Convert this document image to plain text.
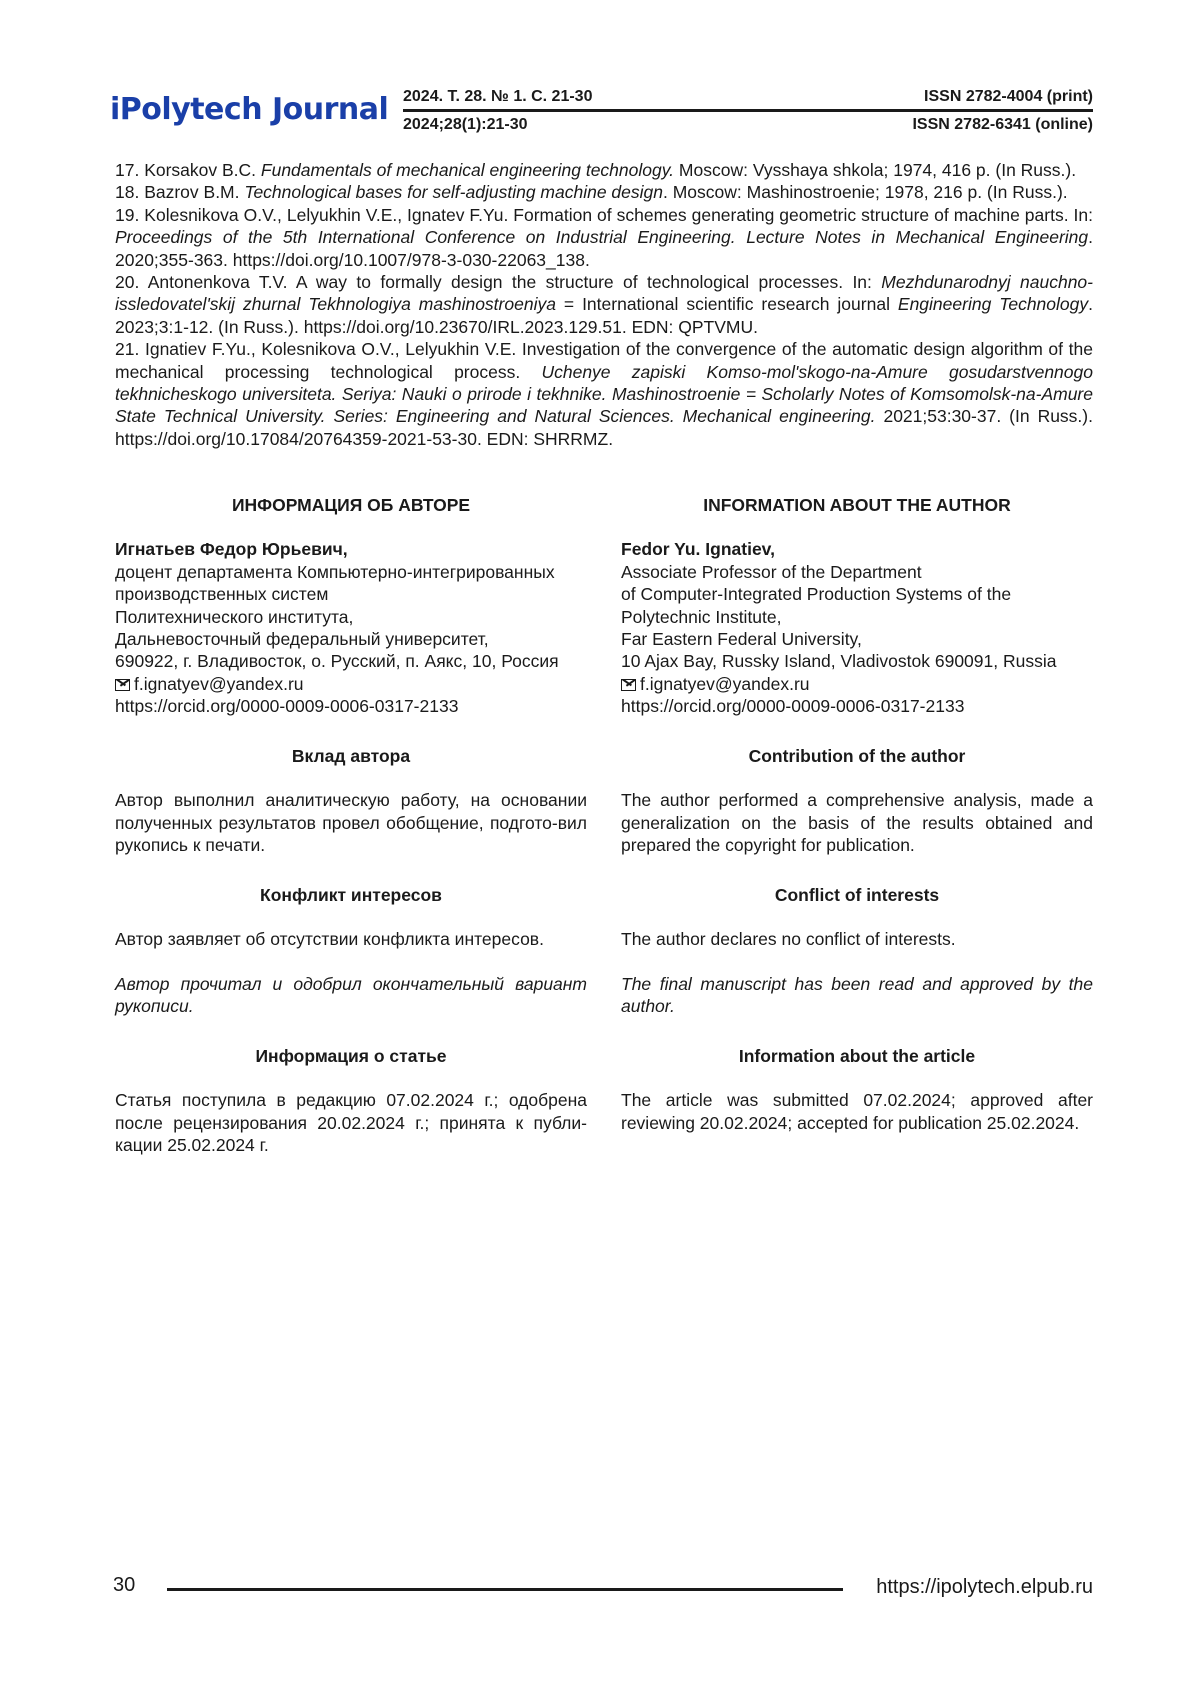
iPolytech Journal 2024. Т. 28. № 1. С. 21-30	ISSN 2782-4004 (print)
2024;28(1):21-30	ISSN 2782-6341 (online)

17. Korsakov B.C. Fundamentals of mechanical engineering technology. Moscow: Vysshaya shkola; 1974, 416 p. (In Russ.).

18. Bazrov B.M. Technological bases for self-adjusting machine design. Moscow: Mashinostroenie; 1978, 216 p. (In Russ.).

19. Kolesnikova O.V., Lelyukhin V.E., Ignatev F.Yu. Formation of schemes generating geometric structure of machine parts. In: Proceedings of the 5th International Conference on Industrial Engineering. Lecture Notes in Mechanical Engineering. 2020;355-363. https://doi.org/10.1007/978-3-030-22063_138.

20. Antonenkova T.V. A way to formally design the structure of technological processes. In: Mezhdunarodnyj nauchno-issledovatel'skij zhurnal Tekhnologiya mashinostroeniya = International scientific research journal Engineering Technology. 2023;3:1-12. (In Russ.). https://doi.org/10.23670/IRL.2023.129.51. EDN: QPTVMU.

21. Ignatiev F.Yu., Kolesnikova O.V., Lelyukhin V.E. Investigation of the convergence of the automatic design algorithm of the mechanical processing technological process. Uchenye zapiski Komso-mol'skogo-na-Amure gosudarstvennogo tekhnicheskogo universiteta. Seriya: Nauki o prirode i tekhnike. Mashinostroenie = Scholarly Notes of Komsomolsk-na-Amure State Technical University. Series: Engineering and Natural Sciences. Mechanical engineering. 2021;53:30-37. (In Russ.). https://doi.org/10.17084/20764359-2021-53-30. EDN: SHRRMZ.

ИНФОРМАЦИЯ ОБ АВТОРЕ

Игнатьев Федор Юрьевич,

доцент департамента Компьютерно-интегрированных

производственных систем

Политехнического института,

Дальневосточный федеральный университет,

690922, г. Владивосток, о. Русский, п. Аякс, 10, Россия

f.ignatyev@yandex.ru

https://orcid.org/0000-0009-0006-0317-2133

Вклад автора

Автор выполнил аналитическую работу, на основании полученных результатов провел обобщение, подгото-вил рукопись к печати.

Конфликт интересов

Автор заявляет об отсутствии конфликта интересов.

Автор прочитал и одобрил окончательный вариант рукописи.

Информация о статье

Статья поступила в редакцию 07.02.2024 г.; одобрена после рецензирования 20.02.2024 г.; принята к публи-кации 25.02.2024 г.

INFORMATION ABOUT THE AUTHOR

Fedor Yu. Ignatiev,

Associate Professor of the Department

of Computer-Integrated Production Systems of the

Polytechnic Institute,

Far Eastern Federal University,

10 Ajax Bay, Russky Island, Vladivostok 690091, Russia

f.ignatyev@yandex.ru

https://orcid.org/0000-0009-0006-0317-2133

Contribution of the author

The author performed a comprehensive analysis, made a generalization on the basis of the results obtained and prepared the copyright for publication.

Conflict of interests

The author declares no conflict of interests.

The final manuscript has been read and approved by the author.

Information about the article

The article was submitted 07.02.2024; approved after reviewing 20.02.2024; accepted for publication 25.02.2024.

30	https://ipolytech.elpub.ru
